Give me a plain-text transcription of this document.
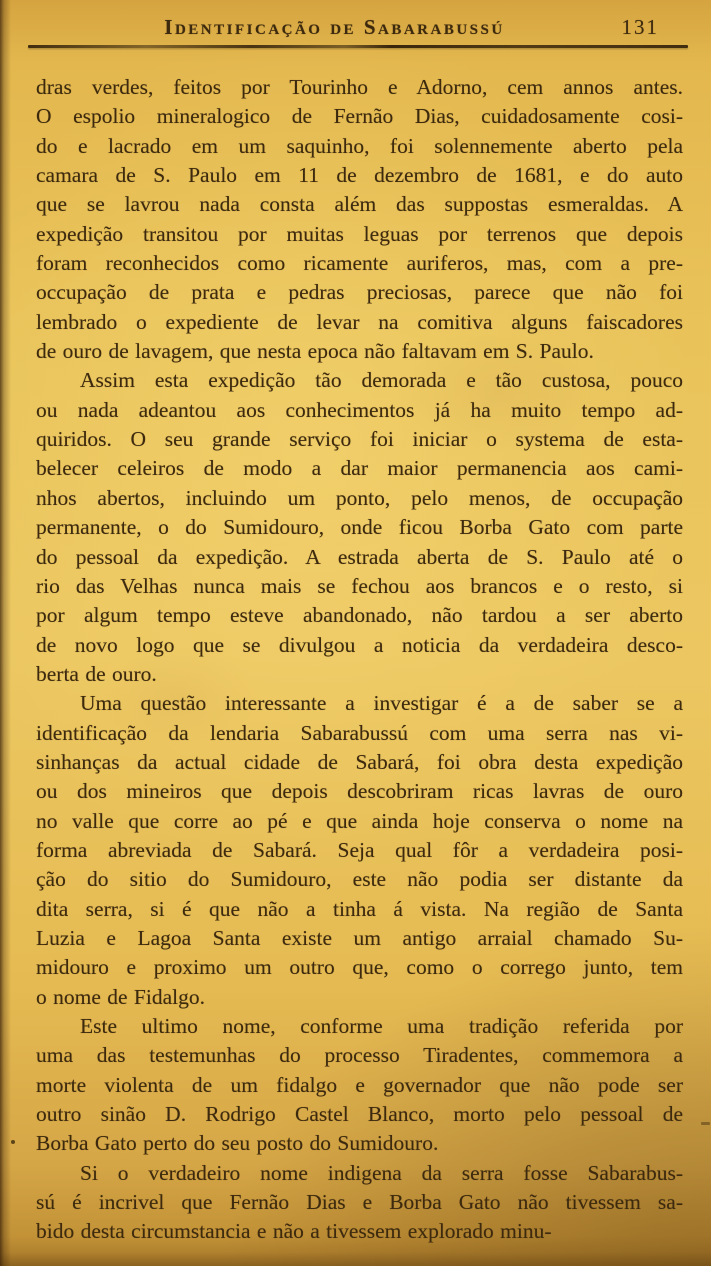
Identificação de Sabarabussú	131
dras verdes, feitos por Tourinho e Adorno, cem annos antes.
O espolio mineralogico de Fernão Dias, cuidadosamente cosi-
do e lacrado em um saquinho, foi solennemente aberto pela
camara de S. Paulo em 11 de dezembro de 1681, e do auto
que se lavrou nada consta além das suppostas esmeraldas. A
expedição transitou por muitas leguas por terrenos que depois
foram reconhecidos como ricamente auriferos, mas, com a pre-
occupação de prata e pedras preciosas, parece que não foi
lembrado o expediente de levar na comitiva alguns faiscadores
de ouro de lavagem, que nesta epoca não faltavam em S. Paulo.
Assim esta expedição tão demorada e tão custosa, pouco
ou nada adeantou aos conhecimentos já ha muito tempo ad-
quiridos. O seu grande serviço foi iniciar o systema de esta-
belecer celeiros de modo a dar maior permanencia aos cami-
nhos abertos, incluindo um ponto, pelo menos, de occupação
permanente, o do Sumidouro, onde ficou Borba Gato com parte
do pessoal da expedição. A estrada aberta de S. Paulo até o
rio das Velhas nunca mais se fechou aos brancos e o resto, si
por algum tempo esteve abandonado, não tardou a ser aberto
de novo logo que se divulgou a noticia da verdadeira desco-
berta de ouro.
Uma questão interessante a investigar é a de saber se a
identificação da lendaria Sabarabussú com uma serra nas vi-
sinhanças da actual cidade de Sabará, foi obra desta expedição
ou dos mineiros que depois descobriram ricas lavras de ouro
no valle que corre ao pé e que ainda hoje conserva o nome na
forma abreviada de Sabará. Seja qual fôr a verdadeira posi-
ção do sitio do Sumidouro, este não podia ser distante da
dita serra, si é que não a tinha á vista. Na região de Santa
Luzia e Lagoa Santa existe um antigo arraial chamado Su-
midouro e proximo um outro que, como o corrego junto, tem
o nome de Fidalgo.
Este ultimo nome, conforme uma tradição referida por
uma das testemunhas do processo Tiradentes, commemora a
morte violenta de um fidalgo e governador que não pode ser
outro sinão D. Rodrigo Castel Blanco, morto pelo pessoal de
Borba Gato perto do seu posto do Sumidouro.
Si o verdadeiro nome indigena da serra fosse Sabarabus-
sú é incrivel que Fernão Dias e Borba Gato não tivessem sa-
bido desta circumstancia e não a tivessem explorado minu-
